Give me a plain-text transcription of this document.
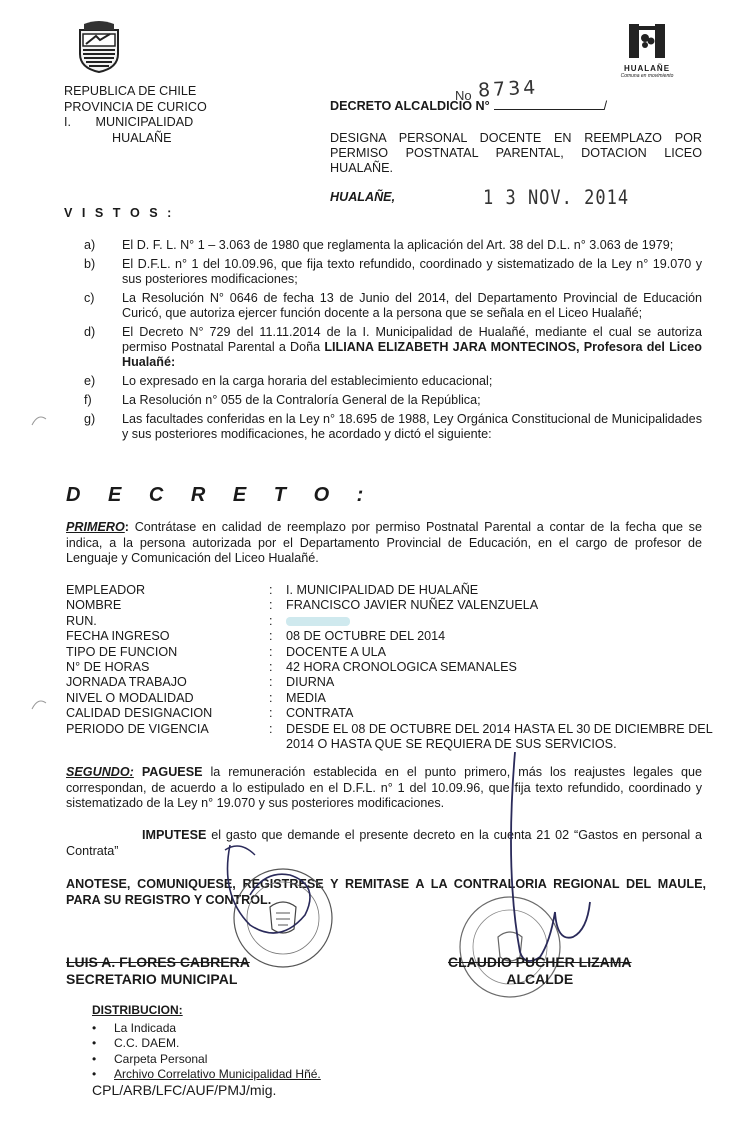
HUALAÑE
Comuna en movimiento
REPUBLICA DE CHILE
PROVINCIA DE CURICO
I.       MUNICIPALIDAD
HUALAÑE
DECRETO ALCALDICIO N°	/
No 8734
DESIGNA PERSONAL DOCENTE EN REEMPLAZO POR PERMISO POSTNATAL PARENTAL, DOTACION LICEO HUALAÑE.
HUALAÑE,	1 3 NOV. 2014
V I S T O S :
a)	El D. F. L. N° 1 – 3.063 de 1980 que reglamenta la aplicación del Art. 38 del D.L. n° 3.063 de 1979;
b)	El D.F.L. n° 1 del 10.09.96, que fija texto refundido, coordinado y sistematizado de la Ley n° 19.070 y sus posteriores modificaciones;
c)	La Resolución N° 0646 de fecha 13 de Junio del 2014, del Departamento Provincial de Educación Curicó, que autoriza ejercer función docente a la persona que se señala en el Liceo Hualañé;
d)	El Decreto N° 729 del 11.11.2014 de la I. Municipalidad de Hualañé, mediante el cual se autoriza permiso Postnatal Parental a Doña LILIANA ELIZABETH JARA MONTECINOS, Profesora del Liceo Hualañé:
e)	Lo expresado en la carga horaria del establecimiento educacional;
f)	La Resolución n° 055 de la Contraloría General de la República;
g)	Las facultades conferidas en la Ley n° 18.695 de 1988, Ley Orgánica Constitucional de Municipalidades y sus posteriores modificaciones, he acordado y dictó el siguiente:
D E C R E T O :
PRIMERO: Contrátase en calidad de reemplazo por permiso Postnatal Parental a contar de la fecha que se indica, a la persona autorizada por el Departamento Provincial de Educación, en el cargo de profesor de Lenguaje y Comunicación del Liceo Hualañé.
EMPLEADOR	:	I. MUNICIPALIDAD DE HUALAÑE
NOMBRE	:	FRANCISCO JAVIER NUÑEZ VALENZUELA
RUN.	:
FECHA INGRESO	:	08 DE OCTUBRE DEL 2014
TIPO DE FUNCION	:	DOCENTE A ULA
N° DE HORAS	:	42 HORA CRONOLOGICA SEMANALES
JORNADA TRABAJO	:	DIURNA
NIVEL O MODALIDAD	:	MEDIA
CALIDAD DESIGNACION	:	CONTRATA
PERIODO DE VIGENCIA	:	DESDE EL 08 DE OCTUBRE DEL 2014 HASTA EL 30 DE DICIEMBRE DEL 2014 O HASTA QUE SE REQUIERA DE SUS SERVICIOS.
SEGUNDO: PAGUESE la remuneración establecida en el punto primero, más los reajustes legales que correspondan, de acuerdo a lo estipulado en el D.F.L. n° 1 del 10.09.96, que fija texto refundido, coordinado y sistematizado de la Ley n° 19.070 y sus posteriores modificaciones.
IMPUTESE el gasto que demande el presente decreto en la cuenta 21 02 “Gastos en personal a Contrata”
ANOTESE, COMUNIQUESE, REGISTRESE Y REMITASE A LA CONTRALORIA REGIONAL DEL MAULE, PARA SU REGISTRO Y CONTROL.
LUIS A. FLORES CABRERA
SECRETARIO MUNICIPAL
CLAUDIO PUCHER LIZAMA
ALCALDE
DISTRIBUCION:
• La Indicada
• C.C. DAEM.
• Carpeta Personal
• Archivo Correlativo Municipalidad Hñé.
CPL/ARB/LFC/AUF/PMJ/mig.
